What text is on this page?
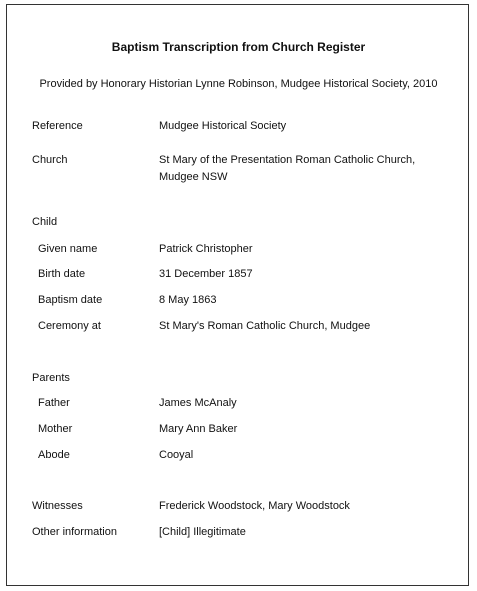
Baptism Transcription from Church Register
Provided by Honorary Historian Lynne Robinson, Mudgee Historical Society, 2010
Reference	Mudgee Historical Society
Church	St Mary of the Presentation Roman Catholic Church,
Mudgee NSW
Child
Given name	Patrick Christopher
Birth date	31 December 1857
Baptism date	8 May 1863
Ceremony at	St Mary's Roman Catholic Church, Mudgee
Parents
Father	James McAnaly
Mother	Mary Ann Baker
Abode	Cooyal
Witnesses	Frederick Woodstock, Mary Woodstock
Other information	[Child] Illegitimate
